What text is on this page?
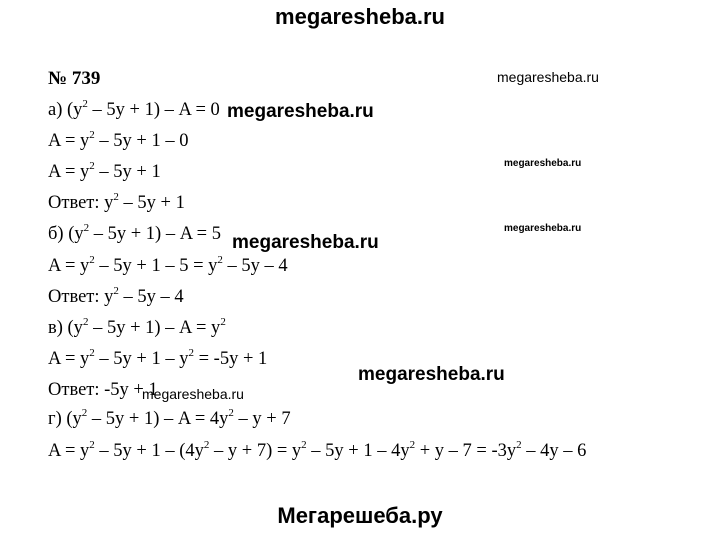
megaresheba.ru
№ 739
а) $(y^2 - 5y + 1) - A = 0$
$A = y^2 - 5y + 1 - 0$
$A = y^2 - 5y + 1$
Ответ: $y^2 - 5y + 1$
б) $(y^2 - 5y + 1) - A = 5$
$A = y^2 - 5y + 1 - 5 = y^2 - 5y - 4$
Ответ: $y^2 - 5y - 4$
в) $(y^2 - 5y + 1) - A = y^2$
$A = y^2 - 5y + 1 - y^2 = -5y + 1$
Ответ: -5y + 1
г) $(y^2 - 5y + 1) - A = 4y^2 - y + 7$
$A = y^2 - 5y + 1 - (4y^2 - y + 7) = y^2 - 5y + 1 - 4y^2 + y - 7 = -3y^2 - 4y - 6$
megaresheba.ru
megaresheba.ru
megaresheba.ru
megaresheba.ru
megaresheba.ru
megaresheba.ru
megaresheba.ru
Мегарешеба.ру
